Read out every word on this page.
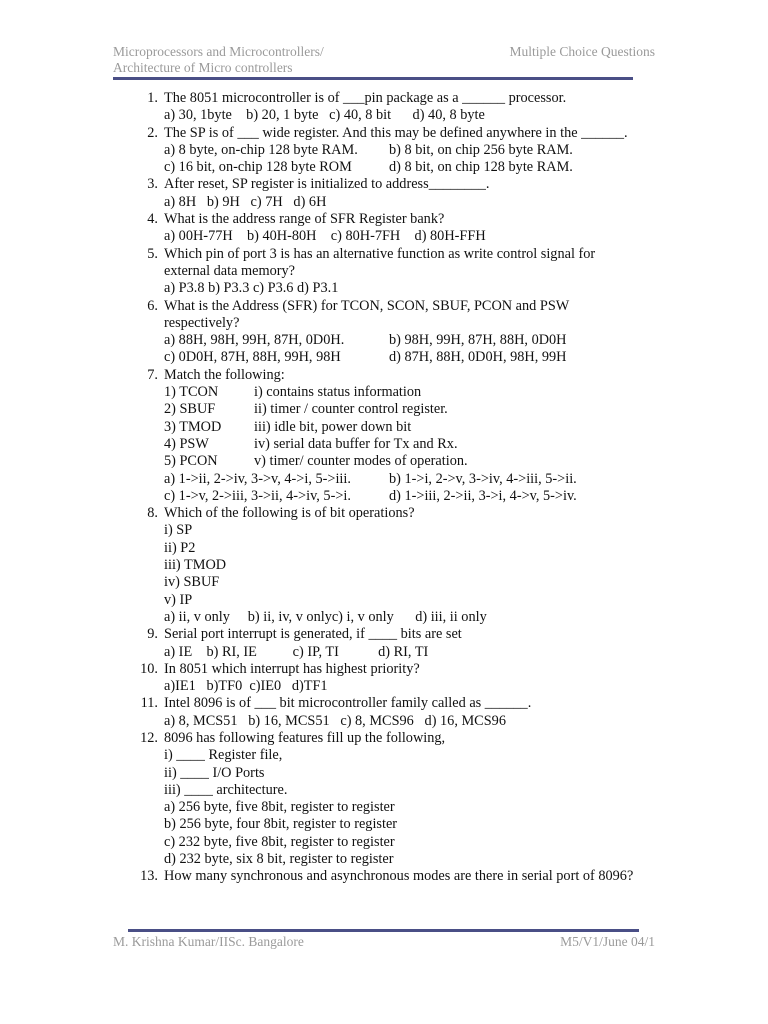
Microprocessors and Microcontrollers/
Architecture of Micro controllers
Multiple Choice Questions
1. The 8051 microcontroller is of ___pin package as a ______ processor.
a) 30, 1byte    b) 20, 1 byte   c) 40, 8 bit      d) 40, 8 byte
2. The SP is of ___ wide register. And this may be defined anywhere in the ______.
a) 8 byte, on-chip 128 byte RAM.	b) 8 bit, on chip 256 byte RAM.
c) 16 bit, on-chip 128 byte ROM	d) 8 bit, on chip 128 byte RAM.
3. After reset, SP register is initialized to address________.
a) 8H   b) 9H   c) 7H   d) 6H
4. What is the address range of SFR Register bank?
a) 00H-77H    b) 40H-80H    c) 80H-7FH    d) 80H-FFH
5. Which pin of port 3 is has an alternative function as write control signal for
external data memory?
a) P3.8 b) P3.3 c) P3.6 d) P3.1
6. What is the Address (SFR) for TCON, SCON, SBUF, PCON and PSW
respectively?
a) 88H, 98H, 99H, 87H, 0D0H.	b) 98H, 99H, 87H, 88H, 0D0H
c) 0D0H, 87H, 88H, 99H, 98H	d) 87H, 88H, 0D0H, 98H, 99H
7. Match the following:
1) TCON	i) contains status information
2) SBUF	ii) timer / counter control register.
3) TMOD	iii) idle bit, power down bit
4) PSW	iv) serial data buffer for Tx and Rx.
5) PCON	v) timer/ counter modes of operation.
a) 1->ii, 2->iv, 3->v, 4->i, 5->iii.	b) 1->i, 2->v, 3->iv, 4->iii, 5->ii.
c) 1->v, 2->iii, 3->ii, 4->iv, 5->i.	d) 1->iii, 2->ii, 3->i, 4->v, 5->iv.
8. Which of the following is of bit operations?
i) SP
ii) P2
iii) TMOD
iv) SBUF
v) IP
a) ii, v only     b) ii, iv, v onlyc) i, v only      d) iii, ii only
9. Serial port interrupt is generated, if ____ bits are set
a) IE    b) RI, IE          c) IP, TI           d) RI, TI
10. In 8051 which interrupt has highest priority?
a)IE1   b)TF0  c)IE0   d)TF1
11. Intel 8096 is of ___ bit microcontroller family called as ______.
a) 8, MCS51   b) 16, MCS51   c) 8, MCS96   d) 16, MCS96
12. 8096 has following features fill up the following,
i) ____ Register file,
ii) ____ I/O Ports
iii) ____ architecture.
a) 256 byte, five 8bit, register to register
b) 256 byte, four 8bit, register to register
c) 232 byte, five 8bit, register to register
d) 232 byte, six 8 bit, register to register
13. How many synchronous and asynchronous modes are there in serial port of 8096?
M. Krishna Kumar/IISc. Bangalore	M5/V1/June 04/1
